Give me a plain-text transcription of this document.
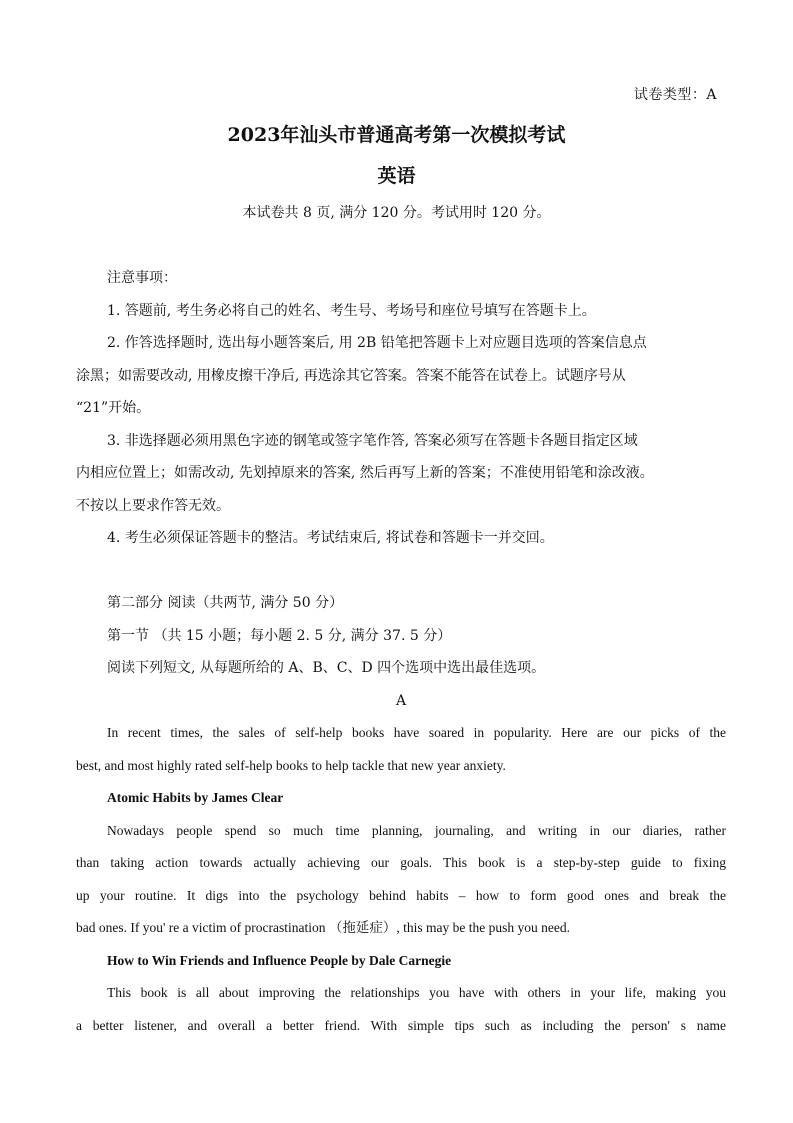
试卷类型：A
2023年汕头市普通高考第一次模拟考试
英语
本试卷共 8 页, 满分 120 分。考试用时 120 分。
注意事项：
1. 答题前, 考生务必将自己的姓名、考生号、考场号和座位号填写在答题卡上。
2. 作答选择题时, 选出每小题答案后, 用 2B 铅笔把答题卡上对应题目选项的答案信息点
涂黑；如需要改动, 用橡皮擦干净后, 再选涂其它答案。答案不能答在试卷上。试题序号从
“21”开始。
3. 非选择题必须用黑色字迹的钢笔或签字笔作答, 答案必须写在答题卡各题目指定区域
内相应位置上；如需改动, 先划掉原来的答案, 然后再写上新的答案；不准使用铅笔和涂改液。
不按以上要求作答无效。
4. 考生必须保证答题卡的整洁。考试结束后, 将试卷和答题卡一并交回。
第二部分 阅读（共两节, 满分 50 分）
第一节 （共 15 小题；每小题 2. 5 分, 满分 37. 5 分）
阅读下列短文, 从每题所给的 A、B、C、D 四个选项中选出最佳选项。
A
In recent times, the sales of self-help books have soared in popularity. Here are our picks of the
best, and most highly rated self-help books to help tackle that new year anxiety.
Atomic Habits by James Clear
Nowadays people spend so much time planning, journaling, and writing in our diaries, rather
than taking action towards actually achieving our goals. This book is a step-by-step guide to fixing
up your routine. It digs into the psychology behind habits – how to form good ones and break the
bad ones. If you' re a victim of procrastination （拖延症）, this may be the push you need.
How to Win Friends and Influence People by Dale Carnegie
This book is all about improving the relationships you have with others in your life, making you
a better listener, and overall a better friend. With simple tips such as including the person' s name
